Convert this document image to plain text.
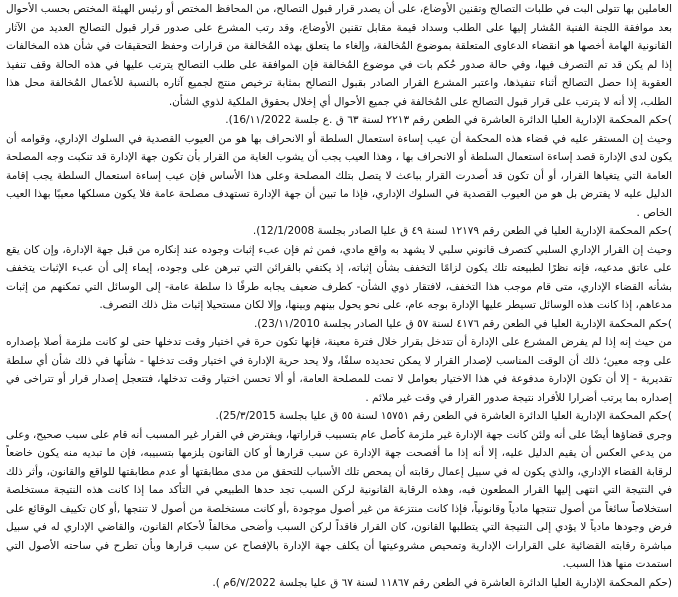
العاملين بها تتولى البت في طلبات التصالح وتقنين الأوضاع، على أن يصدر قرار قبول التصالح، من المحافظ المختص أو رئيس الهيئة المختص بحسب الأحوال بعد موافقة اللجنة الفنية المُشار إليها على الطلب وسداد قيمة مقابل تقنين الأوضاع، وقد رتب المشرع على صدور قرار قبول التصالح العديد من الآثار القانونية الهامة أخصها هو انقضاء الدعاوى المتعلقة بموضوع المُخالفة، وإلغاء ما يتعلق بهذه المُخالفة من قرارات وحفظ التحقيقات في شأن هذه المخالفات إذا لم يكن قد تم التصرف فيها، وفي حالة صدور حُكم بات في موضوع المُخالفة فإن الموافقة على طلب التصالح يترتب عليها في هذه الحالة وقف تنفيذ العقوبة إذا حصل التصالح أثناء تنفيذها، واعتبر المشرع القرار الصادر بقبول التصالح بمثابة ترخيص منتج لجميع آثاره بالنسبة للأعمال المُخالفة محل هذا الطلب، إلا أنه لا يترتب على قرار قبول التصالح على المُخالفة في جميع الأحوال أي إخلال بحقوق الملكية لذوي الشأن.
)حكم المحكمة الإدارية العليا الدائرة العاشرة في الطعن رقم ٢٢١٣ لسنة ٦٣ ق .ع جلسة 16/١١/2022).
وحيث إن المستقر عليه في قضاء هذه المحكمة أن عيب إساءة استعمال السلطة أو الانحراف بها هو من العيوب القصدية في السلوك الإداري، وقوامه أن يكون لدى الإدارة قصد إساءة استعمال السلطة أو الانحراف بها ، وهذا العيب يجب أن يشوب الغاية من القرار بأن تكون جهة الإدارة قد تنكبت وجه المصلحة العامة التي يتغياها القرار، أو أن تكون قد أصدرت القرار بباعث لا يتصل بتلك المصلحة وعلى هذا الأساس فإن عيب إساءة استعمال السلطة يجب إقامة الدليل عليه لا يفترض بل هو من العيوب القصدية في السلوك الإداري، فإذا ما تبين أن جهة الإدارة تستهدف مصلحة عامة فلا يكون مسلكها معيبًا بهذا العيب الخاص .
)حكم المحكمة الإدارية العليا في الطعن رقم ١٢١٧٩ لسنة ٤٩ ق عليا الصادر بجلسة 12/1/2008).
وحيث إن القرار الإداري السلبي كتصرف قانوني سلبي لا يشهد به واقع مادي، فمن ثم فإن عبء إثبات وجوده عند إنكاره من قبل جهة الإدارة، وإن كان يقع على عاتق مدعيه، فإنه نظرًا لطبيعته تلك يكون لزامًا التخفف بشأن إثباته، إذ يكتفي بالقرائن التي تبرهن على وجوده، إيماء إلى أن عبء الإثبات يتخفف بشأنه القضاء الإداري، متى قام موجب هذا التخفف، لافتقار ذوي الشأن- كطرف ضعيف يجابه طرفًا ذا سلطة عامة- إلى الوسائل التي تمكنهم من إثبات مدعاهم، إذا كانت هذه الوسائل تسيطر عليها الإدارة بوجه عام، على نحو يحول بينهم وبينها، وإلا لكان مستحيلا إثبات مثل ذلك التصرف.
)حكم المحكمة الإدارية العليا في الطعن رقم ٤١٧٦ لسنة ٥٧ ق عليا الصادر بجلسة 23/١١/2010).
من حيث إنه إذا لم يفرض المشرع على الإدارة أن تتدخل بقرار خلال فترة معينة، فإنها تكون حرة في اختيار وقت تدخلها حتى لو كانت ملزمة أصلا بإصداره على وجه معين؛ ذلك أن الوقت المناسب لإصدار القرار لا يمكن تحديده سلفًا، ولا يحد حرية الإدارة في اختيار وقت تدخلها - شأنها في ذلك شأن أي سلطة تقديرية - إلا أن تكون الإدارة مدفوعة في هذا الاختيار بعوامل لا تمت للمصلحة العامة، أو ألا تحسن اختيار وقت تدخلها، فتتعجل إصدار قرار أو تتراخى في إصداره بما يرتب أضرارا للأفراد نتيجة صدور القرار في وقت غير ملائم .
)حكم المحكمة الإدارية العليا الدائرة العاشرة في الطعن رقم ١٥٧٥١ لسنة ٥٥ ق عليا بجلسة 25/٣/2015).
وجرى قضاؤها أيضًا على أنه ولئن كانت جهة الإدارة غير ملزمة كأصل عام بتسبيب قراراتها، ويفترض في القرار غير المسبب أنه قام على سبب صحيح، وعلى من يدعي العكس أن يقيم الدليل عليه، إلا أنه إذا ما أفصحت جهة الإدارة عن سبب قرارها أو كان القانون يلزمها بتسبيبه، فإن ما تبديه منه يكون خاضعاً لرقابة القضاء الإداري، والذي يكون له في سبيل إعمال رقابته أن يمحص تلك الأسباب للتحقق من مدى مطابقتها أو عدم مطابقتها للواقع والقانون، وأثر ذلك في النتيجة التي انتهى إليها القرار المطعون فيه، وهذه الرقابة القانونية لركن السبب تجد حدها الطبيعي في التأكد مما إذا كانت هذه النتيجة مستخلصة استخلاصاً سائغاً من أصول تنتجها مادياً وقانونياً، فإذا كانت منتزعة من غير أصول موجودة ,أو كانت مستخلصة من أصول لا تنتجها ,أو كان تكييف الوقائع على فرض وجودها مادياً لا يؤدي إلى النتيجة التي يتطلبها القانون، كان القرار فاقداً لركن السبب وأضحى مخالفاً لأحكام القانون، والقاضي الإداري له في سبيل مباشرة رقابته القضائية على القرارات الإدارية وتمحيص مشروعيتها أن يكلف جهة الإدارة بالإفصاح عن سبب قرارها وبأن تطرح في ساحته الأصول التي استمدت منها هذا السبب.
(حكم المحكمة الإدارية العليا الدائرة العاشرة في الطعن رقم ١١٨٦٧ لسنة ٦٧ ق عليا بجلسة 6/٧/2022م ).
